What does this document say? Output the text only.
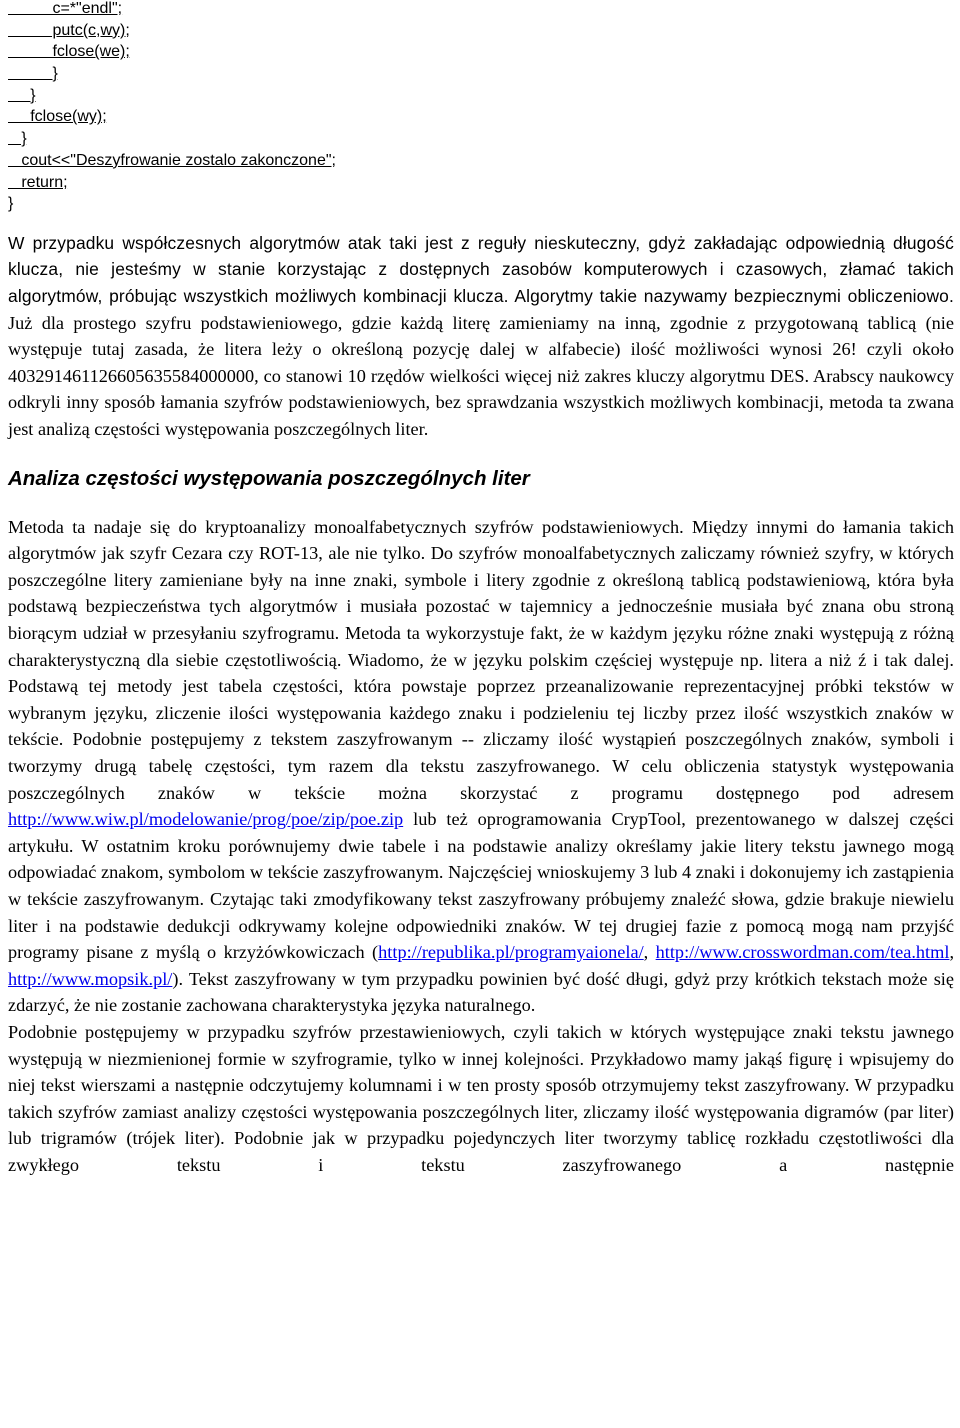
c=*"endl";
putc(c,wy);
fclose(we);
}
}
fclose(wy);
}
cout<<"Deszyfrowanie zostalo zakonczone";
return;
}

W przypadku współczesnych algorytmów atak taki jest z reguły nieskuteczny, gdyż zakładając odpowiednią długość klucza, nie jesteśmy w stanie korzystając z dostępnych zasobów komputerowych i czasowych, złamać takich algorytmów, próbując wszystkich możliwych kombinacji klucza. Algorytmy takie nazywamy bezpiecznymi obliczeniowo. Już dla prostego szyfru podstawieniowego, gdzie każdą literę zamieniamy na inną, zgodnie z przygotowaną tablicą (nie występuje tutaj zasada, że litera leży o określoną pozycję dalej w alfabecie) ilość możliwości wynosi 26! czyli około 403291461126605635584000000, co stanowi 10 rzędów wielkości więcej niż zakres kluczy algorytmu DES. Arabscy naukowcy odkryli inny sposób łamania szyfrów podstawieniowych, bez sprawdzania wszystkich możliwych kombinacji, metoda ta zwana jest analizą częstości występowania poszczególnych liter.

Analiza częstości występowania poszczególnych liter

Metoda ta nadaje się do kryptoanalizy monoalfabetycznych szyfrów podstawieniowych. Między innymi do łamania takich algorytmów jak szyfr Cezara czy ROT-13, ale nie tylko. Do szyfrów monoalfabetycznych zaliczamy również szyfry, w których poszczególne litery zamieniane były na inne znaki, symbole i litery zgodnie z określoną tablicą podstawieniową, która była podstawą bezpieczeństwa tych algorytmów i musiała pozostać w tajemnicy a jednocześnie musiała być znana obu stroną biorącym udział w przesyłaniu szyfrogramu. Metoda ta wykorzystuje fakt, że w każdym języku różne znaki występują z różną charakterystyczną dla siebie częstotliwością. Wiadomo, że w języku polskim częściej występuje np. litera a niż ź i tak dalej. Podstawą tej metody jest tabela częstości, która powstaje poprzez przeanalizowanie reprezentacyjnej próbki tekstów w wybranym języku, zliczenie ilości występowania każdego znaku i podzieleniu tej liczby przez ilość wszystkich znaków w tekście. Podobnie postępujemy z tekstem zaszyfrowanym -- zliczamy ilość wystąpień poszczególnych znaków, symboli i tworzymy drugą tabelę częstości, tym razem dla tekstu zaszyfrowanego. W celu obliczenia statystyk występowania poszczególnych znaków w tekście można skorzystać z programu dostępnego pod adresem http://www.wiw.pl/modelowanie/prog/poe/zip/poe.zip lub też oprogramowania CrypTool, prezentowanego w dalszej części artykułu. W ostatnim kroku porównujemy dwie tabele i na podstawie analizy określamy jakie litery tekstu jawnego mogą odpowiadać znakom, symbolom w tekście zaszyfrowanym. Najczęściej wnioskujemy 3 lub 4 znaki i dokonujemy ich zastąpienia w tekście zaszyfrowanym. Czytając taki zmodyfikowany tekst zaszyfrowany próbujemy znaleźć słowa, gdzie brakuje niewielu liter i na podstawie dedukcji odkrywamy kolejne odpowiedniki znaków. W tej drugiej fazie z pomocą mogą nam przyjść programy pisane z myślą o krzyżówkowiczach (http://republika.pl/programyaionela/, http://www.crosswordman.com/tea.html, http://www.mopsik.pl/). Tekst zaszyfrowany w tym przypadku powinien być dość długi, gdyż przy krótkich tekstach może się zdarzyć, że nie zostanie zachowana charakterystyka języka naturalnego.

Podobnie postępujemy w przypadku szyfrów przestawieniowych, czyli takich w których występujące znaki tekstu jawnego występują w niezmienionej formie w szyfrogramie, tylko w innej kolejności. Przykładowo mamy jakąś figurę i wpisujemy do niej tekst wierszami a następnie odczytujemy kolumnami i w ten prosty sposób otrzymujemy tekst zaszyfrowany. W przypadku takich szyfrów zamiast analizy częstości występowania poszczególnych liter, zliczamy ilość występowania digramów (par liter) lub trigramów (trójek liter). Podobnie jak w przypadku pojedynczych liter tworzymy tablicę rozkładu częstotliwości dla zwykłego tekstu i tekstu zaszyfrowanego a następnie
